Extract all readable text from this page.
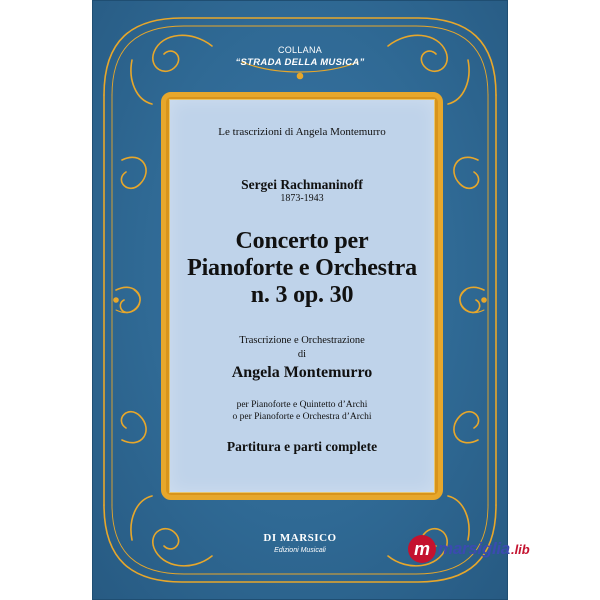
COLLANA
“STRADA DELLA MUSICA”
Le trascrizioni di Angela Montemurro
Sergei Rachmaninoff
1873-1943
Concerto per
Pianoforte e Orchestra
n. 3 op. 30
Trascrizione e Orchestrazione
di
Angela Montemurro
per Pianoforte e Quintetto d’Archi
o per Pianoforte e Orchestra d’Archi
Partitura e parti complete
DI MARSICO
Edizioni Musicali	m marsiglia .lib
